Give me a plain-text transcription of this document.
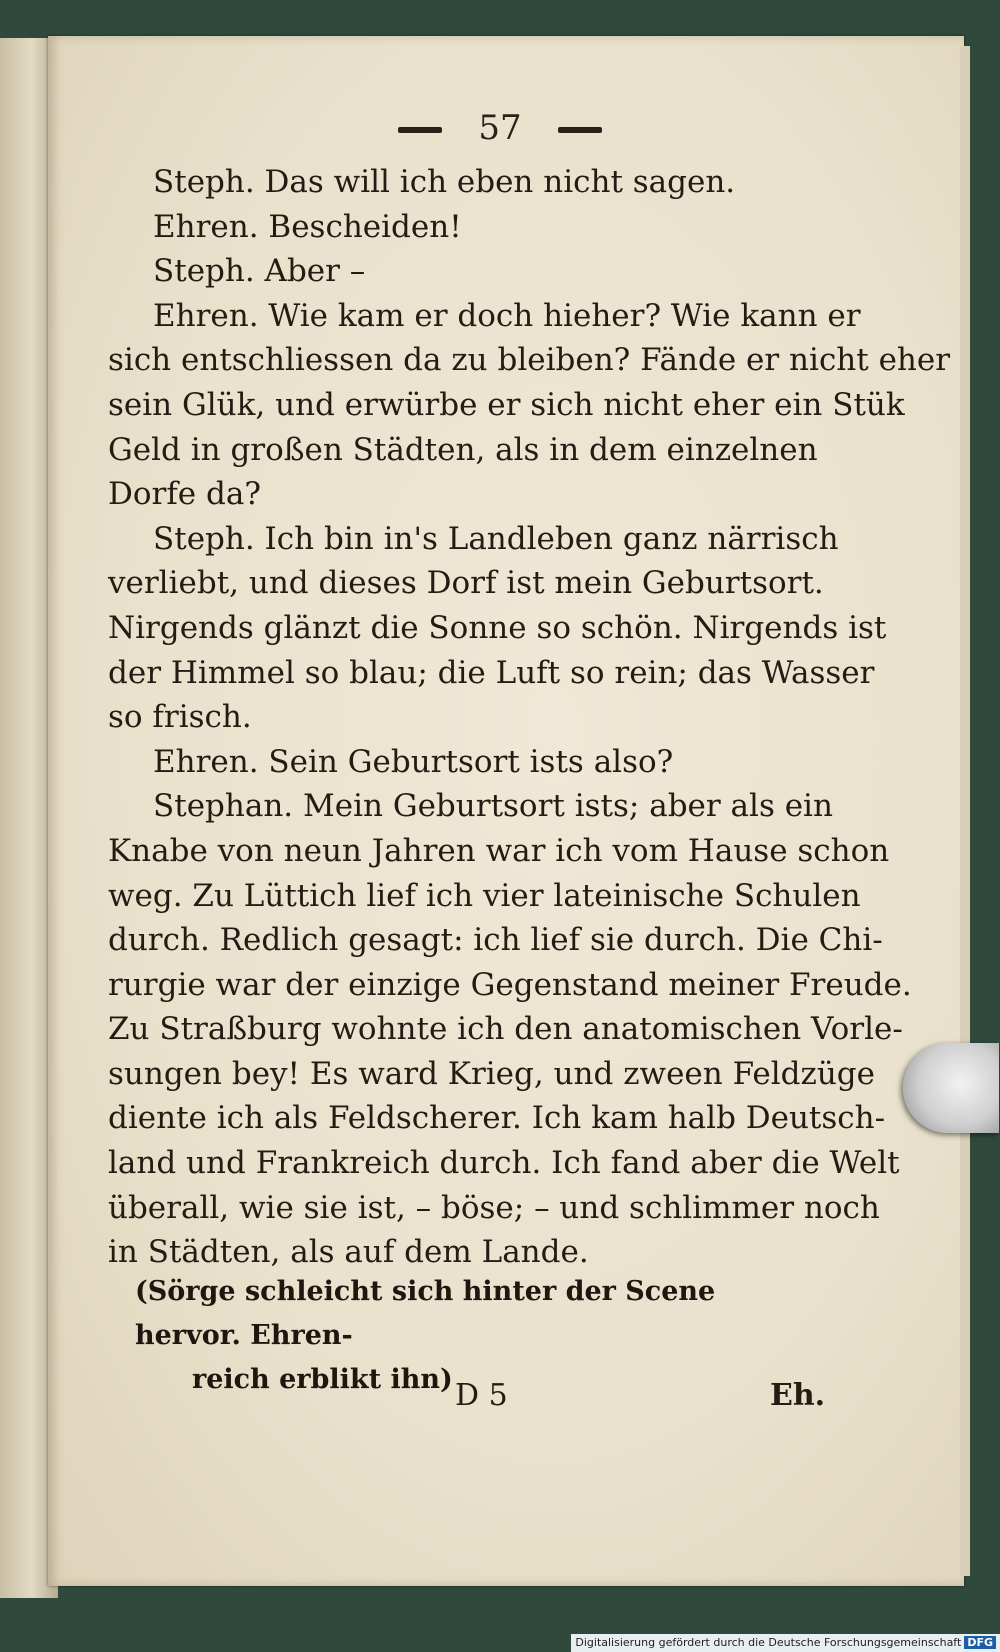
57
Steph. Das will ich eben nicht sagen.
Ehren. Bescheiden!
Steph. Aber –
Ehren. Wie kam er doch hieher? Wie kann er
sich entschliessen da zu bleiben? Fände er nicht eher
sein Glük, und erwürbe er sich nicht eher ein Stük
Geld in großen Städten, als in dem einzelnen
Dorfe da?
Steph. Ich bin in's Landleben ganz närrisch
verliebt, und dieses Dorf ist mein Geburtsort.
Nirgends glänzt die Sonne so schön. Nirgends ist
der Himmel so blau; die Luft so rein; das Wasser
so frisch.
Ehren. Sein Geburtsort ists also?
Stephan. Mein Geburtsort ists; aber als ein
Knabe von neun Jahren war ich vom Hause schon
weg. Zu Lüttich lief ich vier lateinische Schulen
durch. Redlich gesagt: ich lief sie durch. Die Chi-
rurgie war der einzige Gegenstand meiner Freude.
Zu Straßburg wohnte ich den anatomischen Vorle-
sungen bey! Es ward Krieg, und zween Feldzüge
diente ich als Feldscherer. Ich kam halb Deutsch-
land und Frankreich durch. Ich fand aber die Welt
überall, wie sie ist, – böse; – und schlimmer noch
in Städten, als auf dem Lande.
(Sörge schleicht sich hinter der Scene hervor. Ehren-
reich erblikt ihn) D 5	Eh.
Digitalisierung gefördert durch die Deutsche Forschungsgemeinschaft DFG
